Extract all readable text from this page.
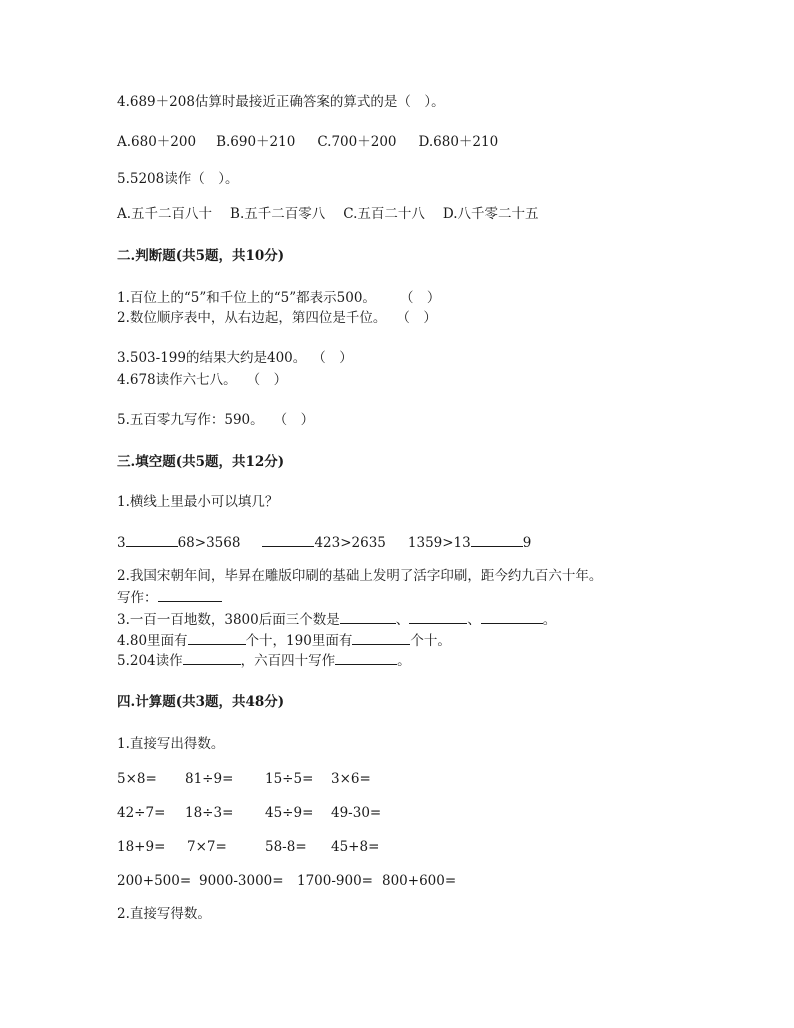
4.689＋208估算时最接近正确答案的算式的是（　）。
A.680＋200 B.690＋210 C.700＋200 D.680＋210
5.5208读作（　）。
A.五千二百八十 B.五千二百零八 C.五百二十八 D.八千零二十五
二.判断题(共5题，共10分)
1.百位上的“5”和千位上的“5”都表示500。 （　）
2.数位顺序表中，从右边起，第四位是千位。 （　）
3.503-199的结果大约是400。 （　）
4.678读作六七八。 （　）
5.五百零九写作：590。 （　）
三.填空题(共5题，共12分)
1.横线上里最小可以填几？
3	68>3568	423>2635 1359>13	9
2.我国宋朝年间，毕昇在雕版印刷的基础上发明了活字印刷，距今约九百六十年。
写作：
3.一百一百地数，3800后面三个数是	、	、	。
4.80里面有	个十，190里面有	个十。
5.204读作	，六百四十写作	。
四.计算题(共3题，共48分)
1.直接写出得数。
5×8= 81÷9= 15÷5= 3×6=
42÷7= 18÷3= 45÷9= 49-30=
18+9= 7×7=	58-8= 45+8=
200+500= 9000-3000= 1700-900= 800+600=
2.直接写得数。
